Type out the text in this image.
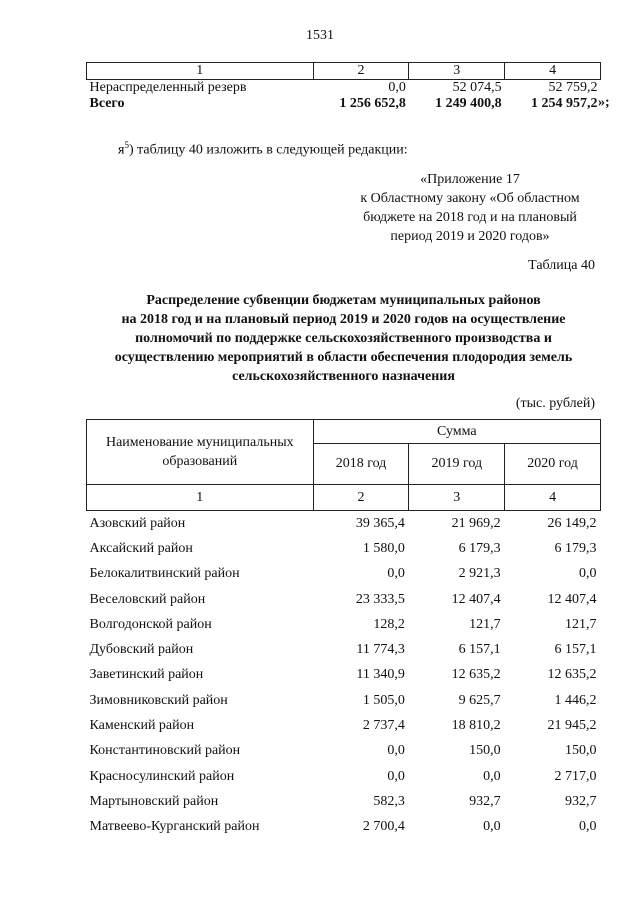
1531
1	2	3	4
Нераспределенный резерв	0,0	52 074,5	52 759,2
Всего	1 256 652,8	1 249 400,8	1 254 957,2 »;
$я^5$) таблицу 40 изложить в следующей редакции:
«Приложение 17
к Областному закону «Об областном
бюджете на 2018 год и на плановый
период 2019 и 2020 годов»
Таблица 40
Распределение субвенции бюджетам муниципальных районов
на 2018 год и на плановый период 2019 и 2020 годов на осуществление
полномочий по поддержке сельскохозяйственного производства и
осуществлению мероприятий в области обеспечения плодородия земель
сельскохозяйственного назначения
(тыс. рублей)
Наименование муниципальных образований	Сумма		
	2018 год	2019 год	2020 год
1	2	3	4
Азовский район	39 365,4	21 969,2	26 149,2
Аксайский район	1 580,0	6 179,3	6 179,3
Белокалитвинский район	0,0	2 921,3	0,0
Веселовский район	23 333,5	12 407,4	12 407,4
Волгодонской район	128,2	121,7	121,7
Дубовский район	11 774,3	6 157,1	6 157,1
Заветинский район	11 340,9	12 635,2	12 635,2
Зимовниковский район	1 505,0	9 625,7	1 446,2
Каменский район	2 737,4	18 810,2	21 945,2
Константиновский район	0,0	150,0	150,0
Красносулинский район	0,0	0,0	2 717,0
Мартыновский район	582,3	932,7	932,7
Матвеево-Курганский район	2 700,4	0,0	0,0
